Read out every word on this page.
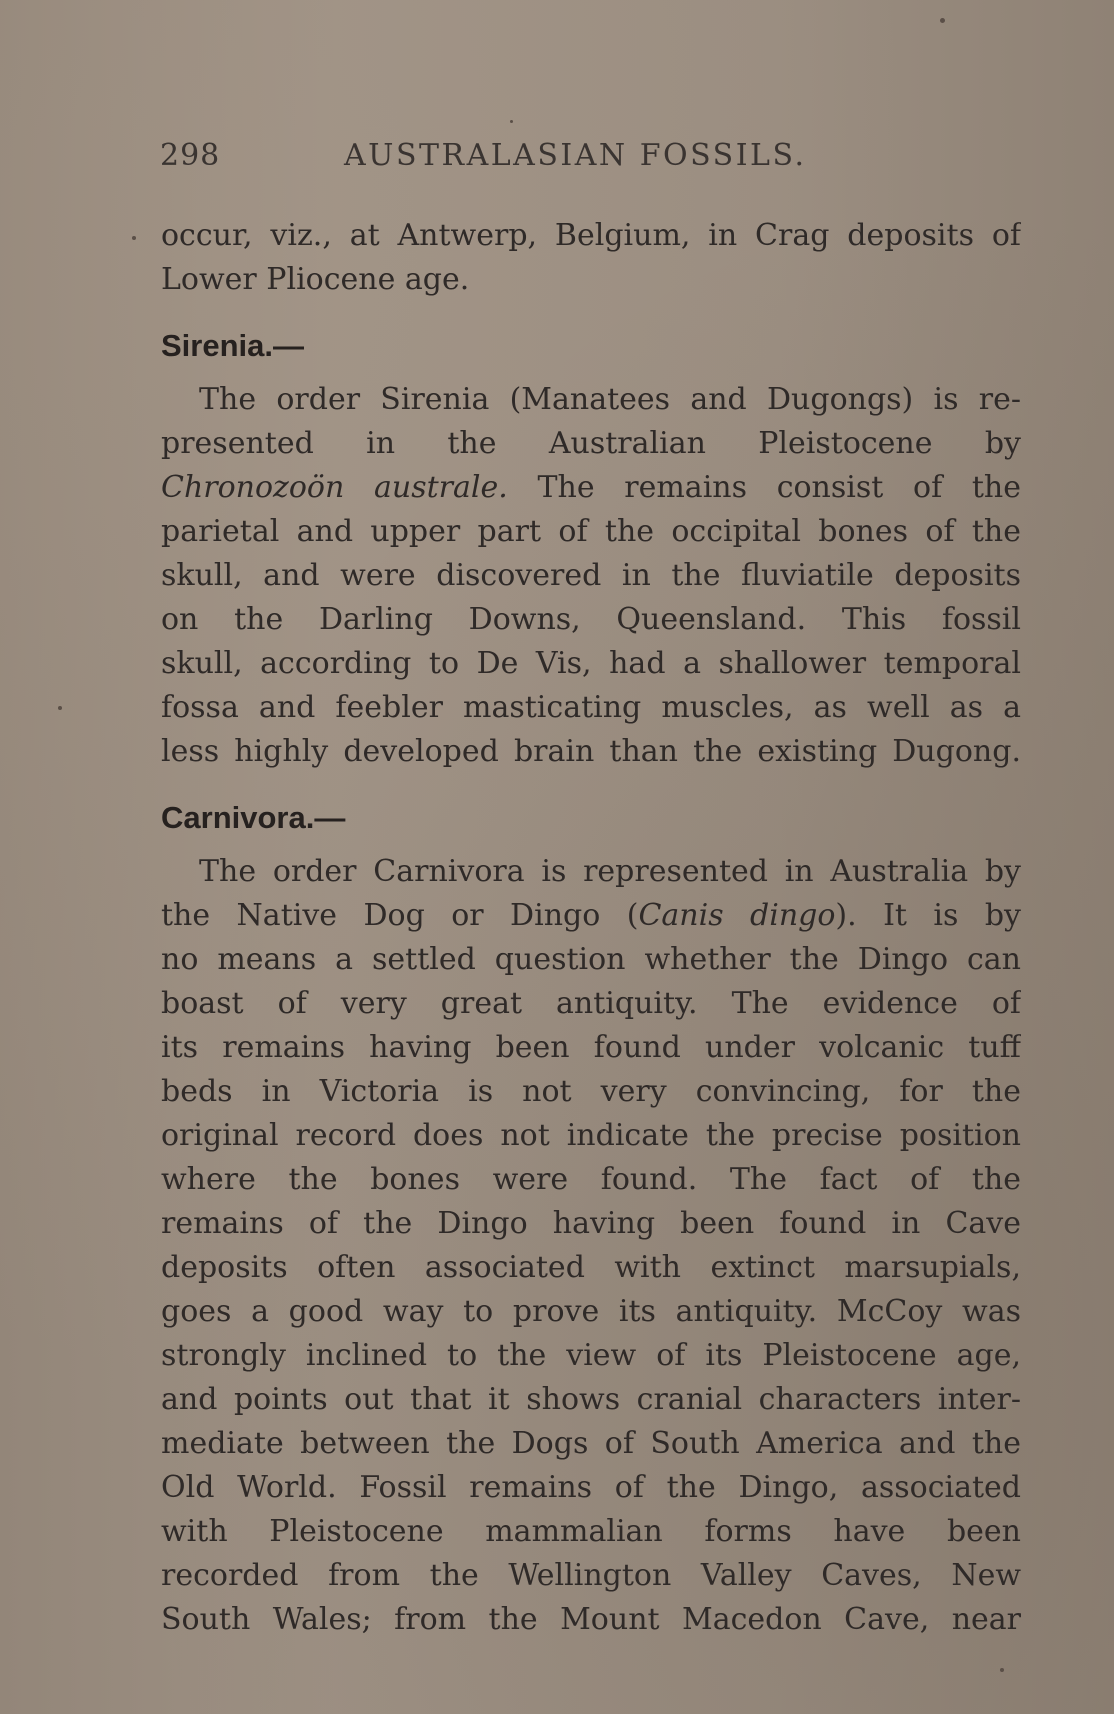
298	AUSTRALASIAN FOSSILS.
occur, viz., at Antwerp, Belgium, in Crag deposits of
Lower Pliocene age.
Sirenia.—
The order Sirenia (Manatees and Dugongs) is re-
presented in the Australian Pleistocene by
Chronozoön australe. The remains consist of the
parietal and upper part of the occipital bones of the
skull, and were discovered in the fluviatile deposits
on the Darling Downs, Queensland. This fossil
skull, according to De Vis, had a shallower temporal
fossa and feebler masticating muscles, as well as a
less highly developed brain than the existing Dugong.
Carnivora.—
The order Carnivora is represented in Australia by
the Native Dog or Dingo (Canis dingo). It is by
no means a settled question whether the Dingo can
boast of very great antiquity. The evidence of
its remains having been found under volcanic tuff
beds in Victoria is not very convincing, for the
original record does not indicate the precise position
where the bones were found. The fact of the
remains of the Dingo having been found in Cave
deposits often associated with extinct marsupials,
goes a good way to prove its antiquity. McCoy was
strongly inclined to the view of its Pleistocene age,
and points out that it shows cranial characters inter-
mediate between the Dogs of South America and the
Old World. Fossil remains of the Dingo, associated
with Pleistocene mammalian forms have been
recorded from the Wellington Valley Caves, New
South Wales; from the Mount Macedon Cave, near
